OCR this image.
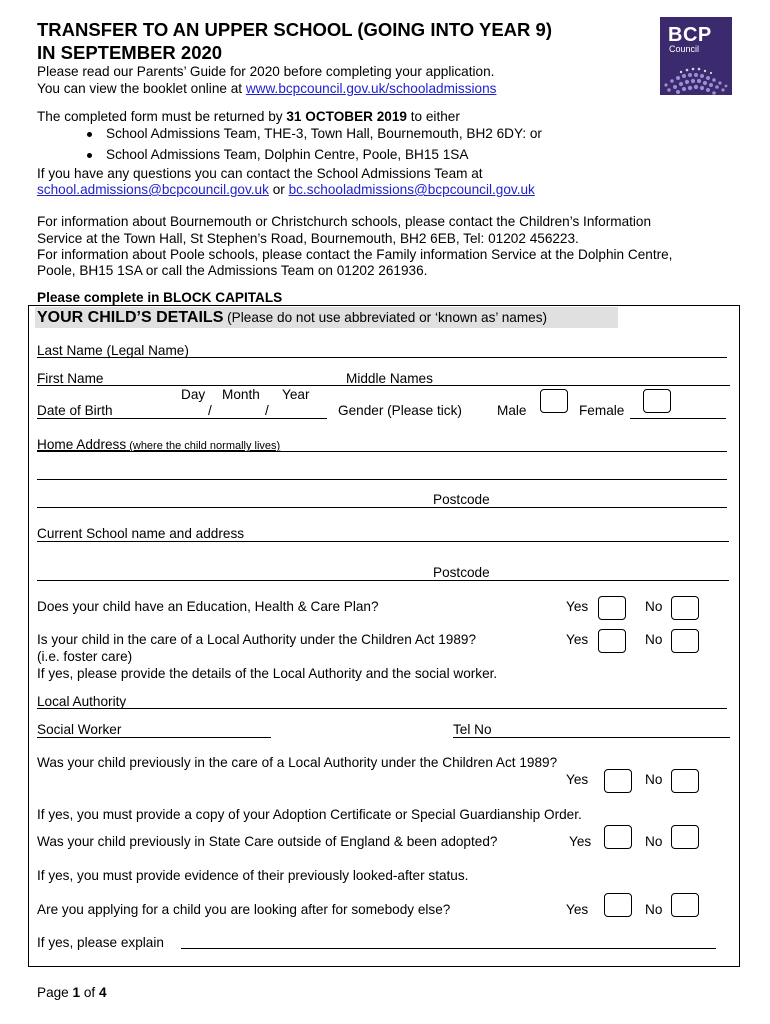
TRANSFER TO AN UPPER SCHOOL (GOING INTO YEAR 9)
IN SEPTEMBER 2020
BCP
Council
Please read our Parents’ Guide for 2020 before completing your application.
You can view the booklet online at www.bcpcouncil.gov.uk/schooladmissions
The completed form must be returned by 31 OCTOBER 2019 to either
School Admissions Team, THE-3, Town Hall, Bournemouth, BH2 6DY: or
School Admissions Team, Dolphin Centre, Poole, BH15 1SA
If you have any questions you can contact the School Admissions Team at
school.admissions@bcpcouncil.gov.uk or bc.schooladmissions@bcpcouncil.gov.uk
For information about Bournemouth or Christchurch schools, please contact the Children’s Information
Service at the Town Hall, St Stephen’s Road, Bournemouth, BH2 6EB, Tel: 01202 456223.
For information about Poole schools, please contact the Family information Service at the Dolphin Centre,
Poole, BH15 1SA or call the Admissions Team on 01202 261936.
Please complete in BLOCK CAPITALS
YOUR CHILD’S DETAILS (Please do not use abbreviated or ‘known as’ names)
Last Name (Legal Name)
First Name	Middle Names
Day Month Year
Date of Birth	/	/	Gender (Please tick)	Male	Female
Home Address (where the child normally lives)
Postcode
Current School name and address
Postcode
Does your child have an Education, Health & Care Plan?	Yes	No
Is your child in the care of a Local Authority under the Children Act 1989?
(i.e. foster care)
If yes, please provide the details of the Local Authority and the social worker.
Yes	No
Local Authority
Social Worker	Tel No
Was your child previously in the care of a Local Authority under the Children Act 1989?
Yes	No
If yes, you must provide a copy of your Adoption Certificate or Special Guardianship Order.
Was your child previously in State Care outside of England & been adopted?	Yes	No
If yes, you must provide evidence of their previously looked-after status.
Are you applying for a child you are looking after for somebody else?	Yes	No
If yes, please explain
Page 1 of 4
